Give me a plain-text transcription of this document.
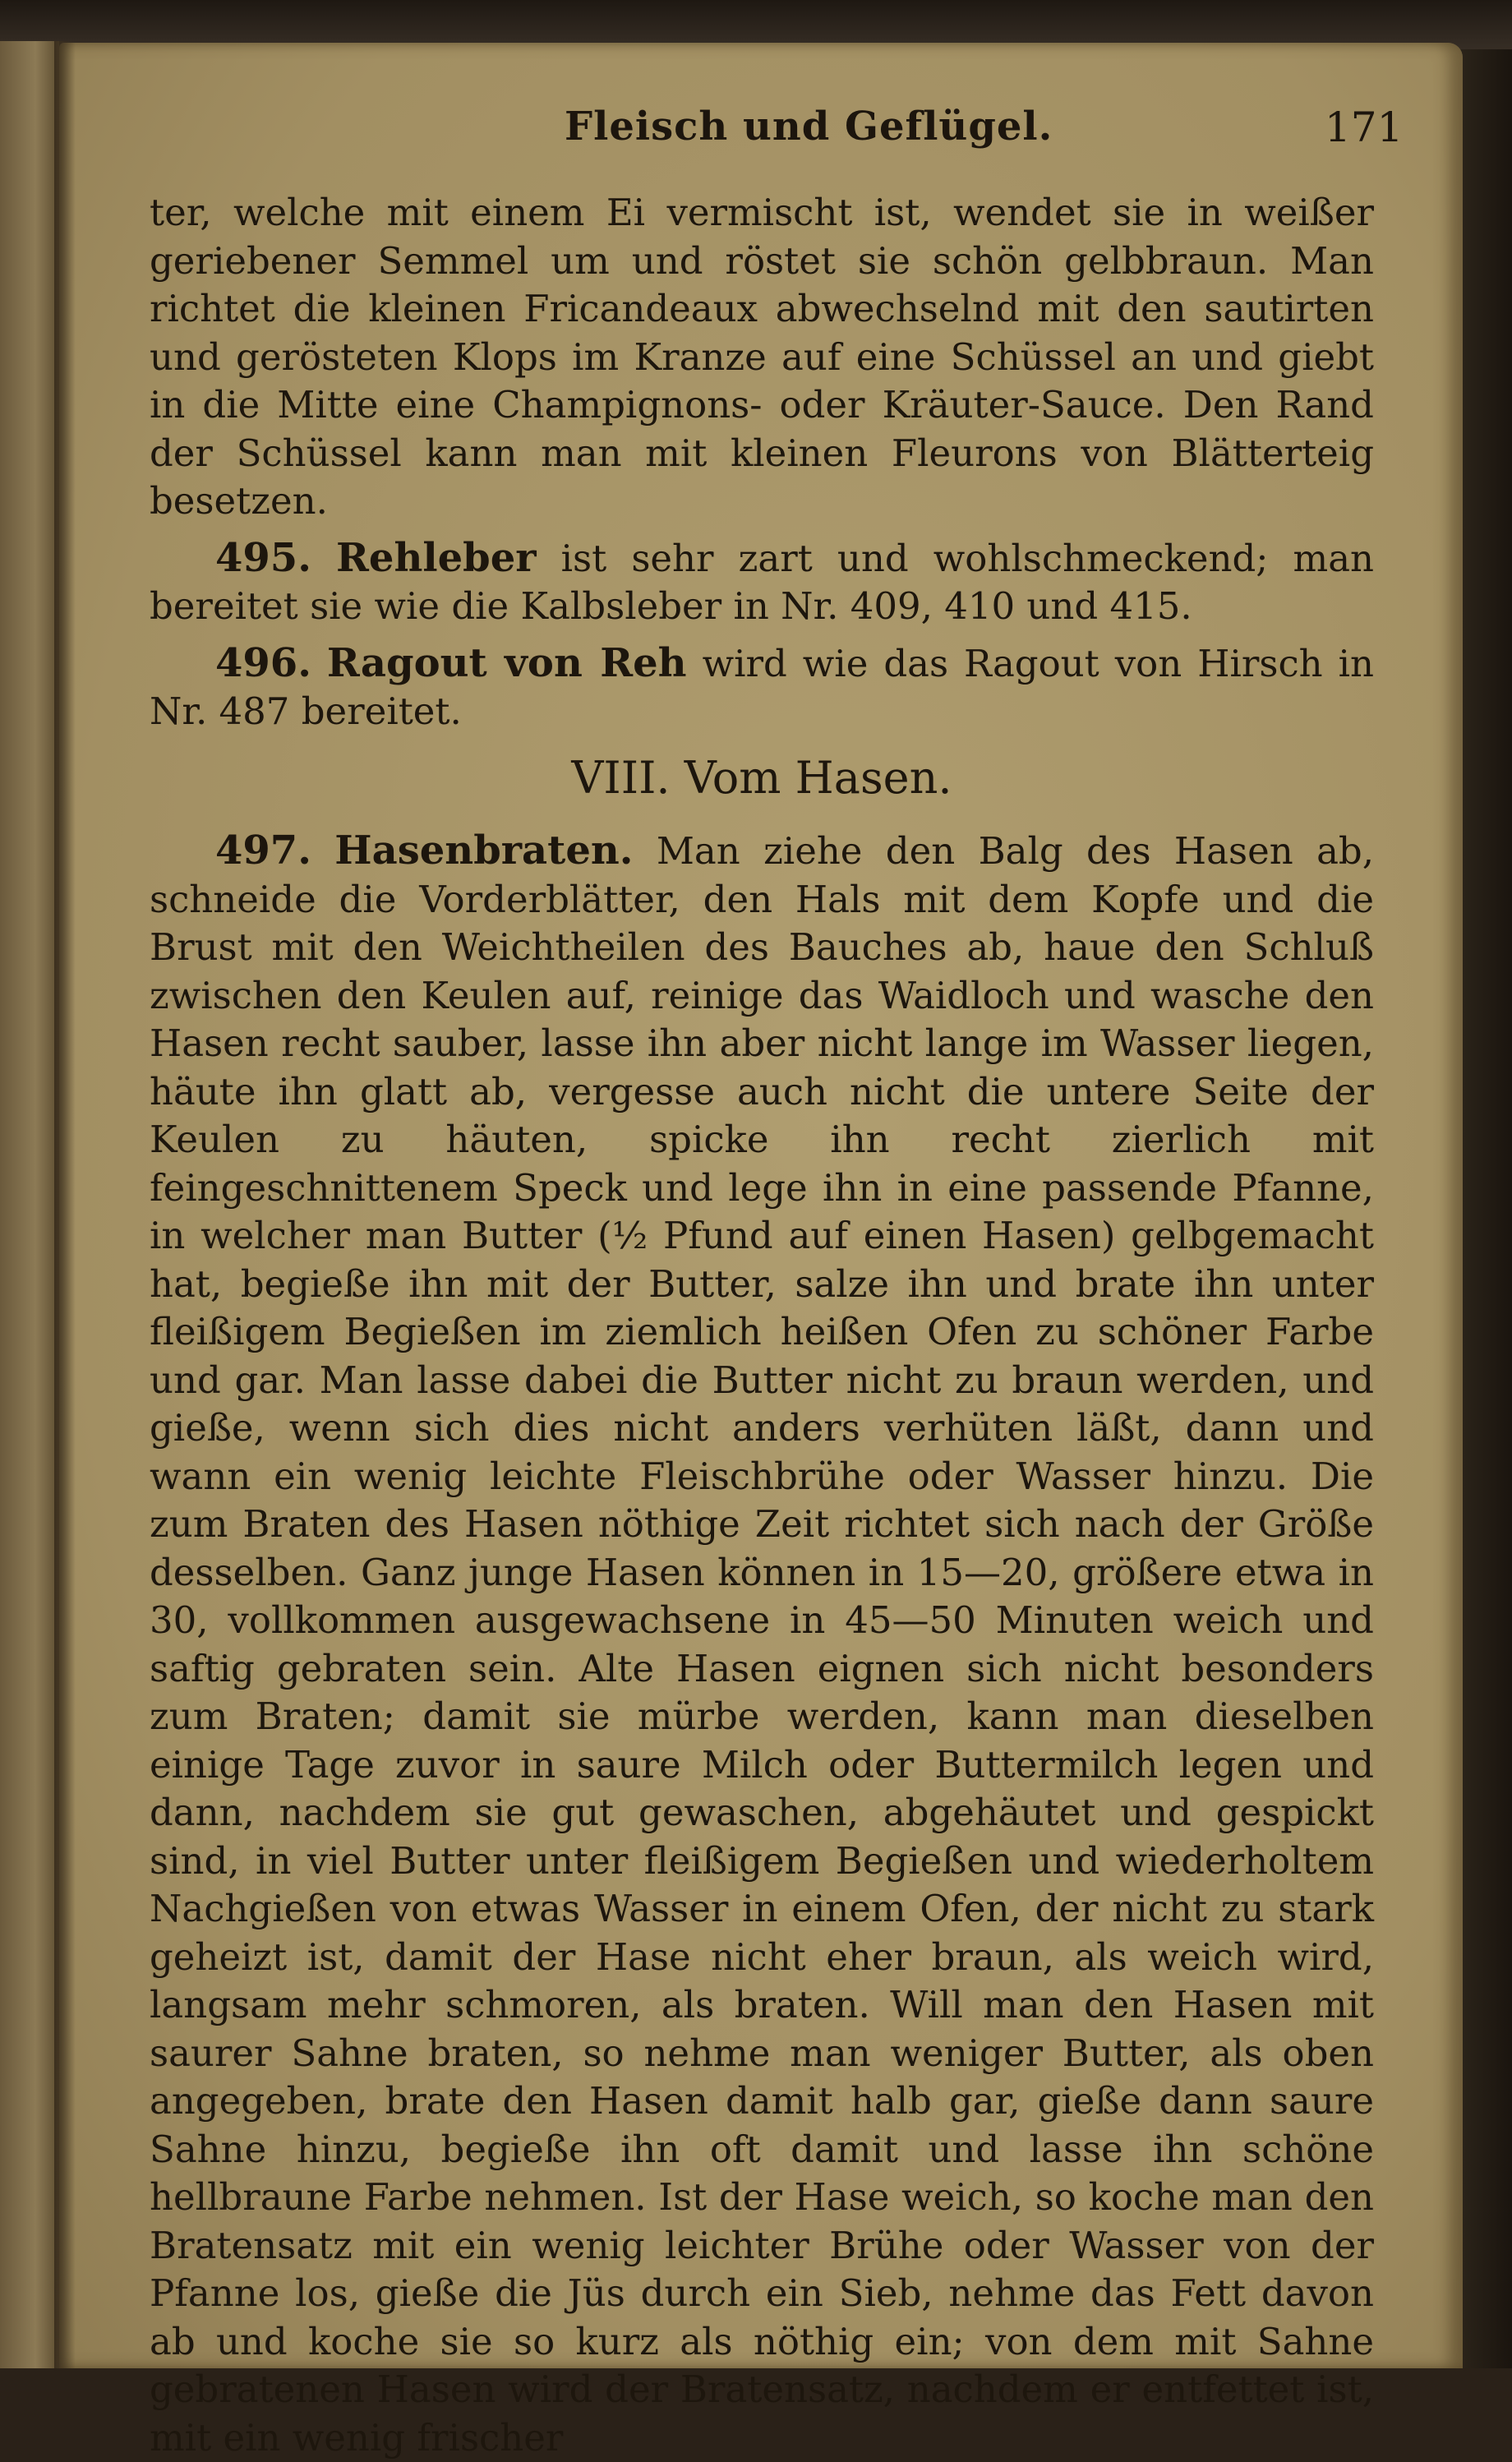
Fleisch und Geflügel.	171

ter, welche mit einem Ei vermischt ist, wendet sie in weißer geriebener Semmel um und röstet sie schön gelbbraun. Man richtet die kleinen Fricandeaux abwechselnd mit den sautirten und gerösteten Klops im Kranze auf eine Schüssel an und giebt in die Mitte eine Champignons- oder Kräuter-Sauce. Den Rand der Schüssel kann man mit kleinen Fleurons von Blätterteig besetzen.

495. Rehleber ist sehr zart und wohlschmeckend; man bereitet sie wie die Kalbsleber in Nr. 409, 410 und 415.

496. Ragout von Reh wird wie das Ragout von Hirsch in Nr. 487 bereitet.

VIII. Vom Hasen.

497. Hasenbraten. Man ziehe den Balg des Hasen ab, schneide die Vorderblätter, den Hals mit dem Kopfe und die Brust mit den Weichtheilen des Bauches ab, haue den Schluß zwischen den Keulen auf, reinige das Waidloch und wasche den Hasen recht sauber, lasse ihn aber nicht lange im Wasser liegen, häute ihn glatt ab, vergesse auch nicht die untere Seite der Keulen zu häuten, spicke ihn recht zierlich mit feingeschnittenem Speck und lege ihn in eine passende Pfanne, in welcher man Butter (½ Pfund auf einen Hasen) gelbgemacht hat, begieße ihn mit der Butter, salze ihn und brate ihn unter fleißigem Begießen im ziemlich heißen Ofen zu schöner Farbe und gar. Man lasse dabei die Butter nicht zu braun werden, und gieße, wenn sich dies nicht anders verhüten läßt, dann und wann ein wenig leichte Fleischbrühe oder Wasser hinzu. Die zum Braten des Hasen nöthige Zeit richtet sich nach der Größe desselben. Ganz junge Hasen können in 15—20, größere etwa in 30, vollkommen ausgewachsene in 45—50 Minuten weich und saftig gebraten sein. Alte Hasen eignen sich nicht besonders zum Braten; damit sie mürbe werden, kann man dieselben einige Tage zuvor in saure Milch oder Buttermilch legen und dann, nachdem sie gut gewaschen, abgehäutet und gespickt sind, in viel Butter unter fleißigem Begießen und wiederholtem Nachgießen von etwas Wasser in einem Ofen, der nicht zu stark geheizt ist, damit der Hase nicht eher braun, als weich wird, langsam mehr schmoren, als braten. Will man den Hasen mit saurer Sahne braten, so nehme man weniger Butter, als oben angegeben, brate den Hasen damit halb gar, gieße dann saure Sahne hinzu, begieße ihn oft damit und lasse ihn schöne hellbraune Farbe nehmen. Ist der Hase weich, so koche man den Bratensatz mit ein wenig leichter Brühe oder Wasser von der Pfanne los, gieße die Jüs durch ein Sieb, nehme das Fett davon ab und koche sie so kurz als nöthig ein; von dem mit Sahne gebratenen Hasen wird der Bratensatz, nachdem er entfettet ist, mit ein wenig frischer
